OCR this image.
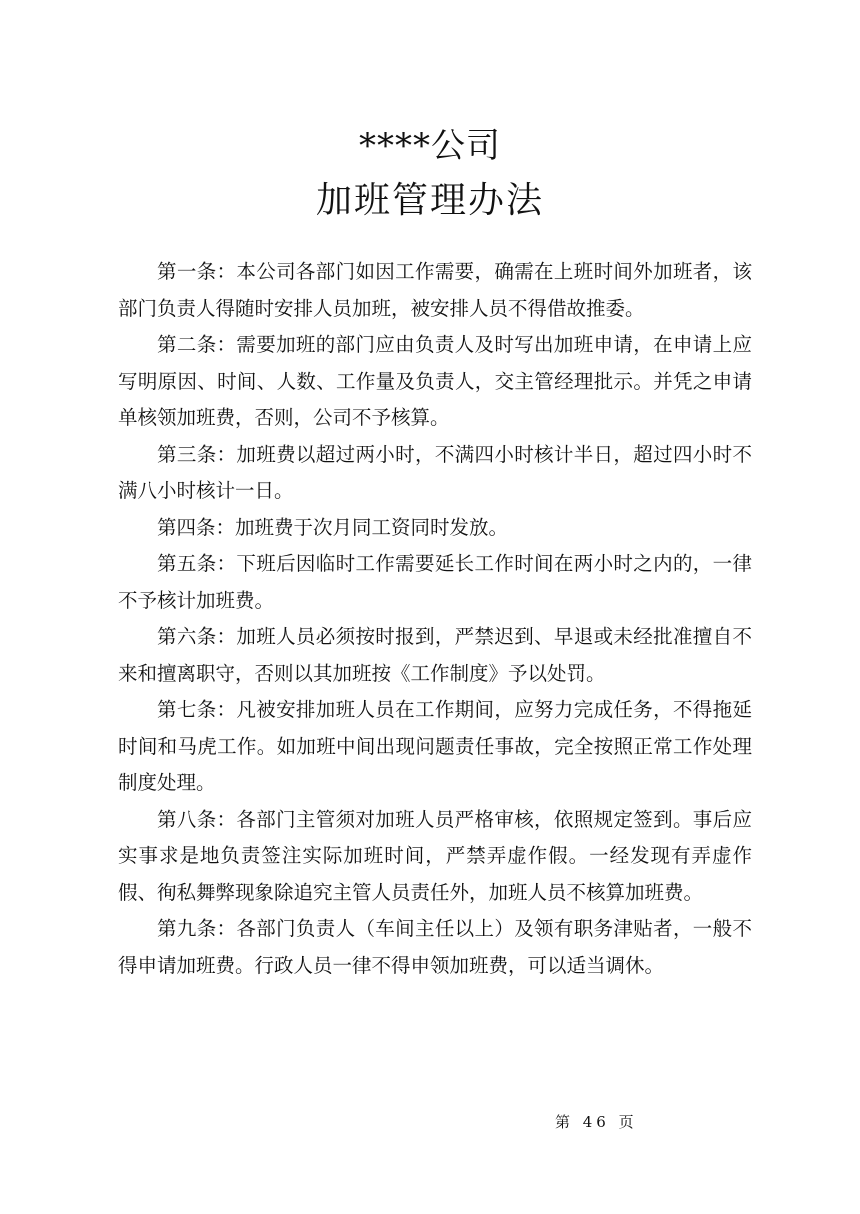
****公司
加班管理办法

第一条：本公司各部门如因工作需要，确需在上班时间外加班者，该部门负责人得随时安排人员加班，被安排人员不得借故推委。

第二条：需要加班的部门应由负责人及时写出加班申请，在申请上应写明原因、时间、人数、工作量及负责人，交主管经理批示。并凭之申请单核领加班费，否则，公司不予核算。

第三条：加班费以超过两小时，不满四小时核计半日，超过四小时不满八小时核计一日。

第四条：加班费于次月同工资同时发放。

第五条：下班后因临时工作需要延长工作时间在两小时之内的，一律不予核计加班费。

第六条：加班人员必须按时报到，严禁迟到、早退或未经批准擅自不来和擅离职守，否则以其加班按《工作制度》予以处罚。

第七条：凡被安排加班人员在工作期间，应努力完成任务，不得拖延时间和马虎工作。如加班中间出现问题责任事故，完全按照正常工作处理制度处理。

第八条：各部门主管须对加班人员严格审核，依照规定签到。事后应实事求是地负责签注实际加班时间，严禁弄虚作假。一经发现有弄虚作假、徇私舞弊现象除追究主管人员责任外，加班人员不核算加班费。

第九条：各部门负责人（车间主任以上）及领有职务津贴者，一般不得申请加班费。行政人员一律不得申领加班费，可以适当调休。

第 46 页
